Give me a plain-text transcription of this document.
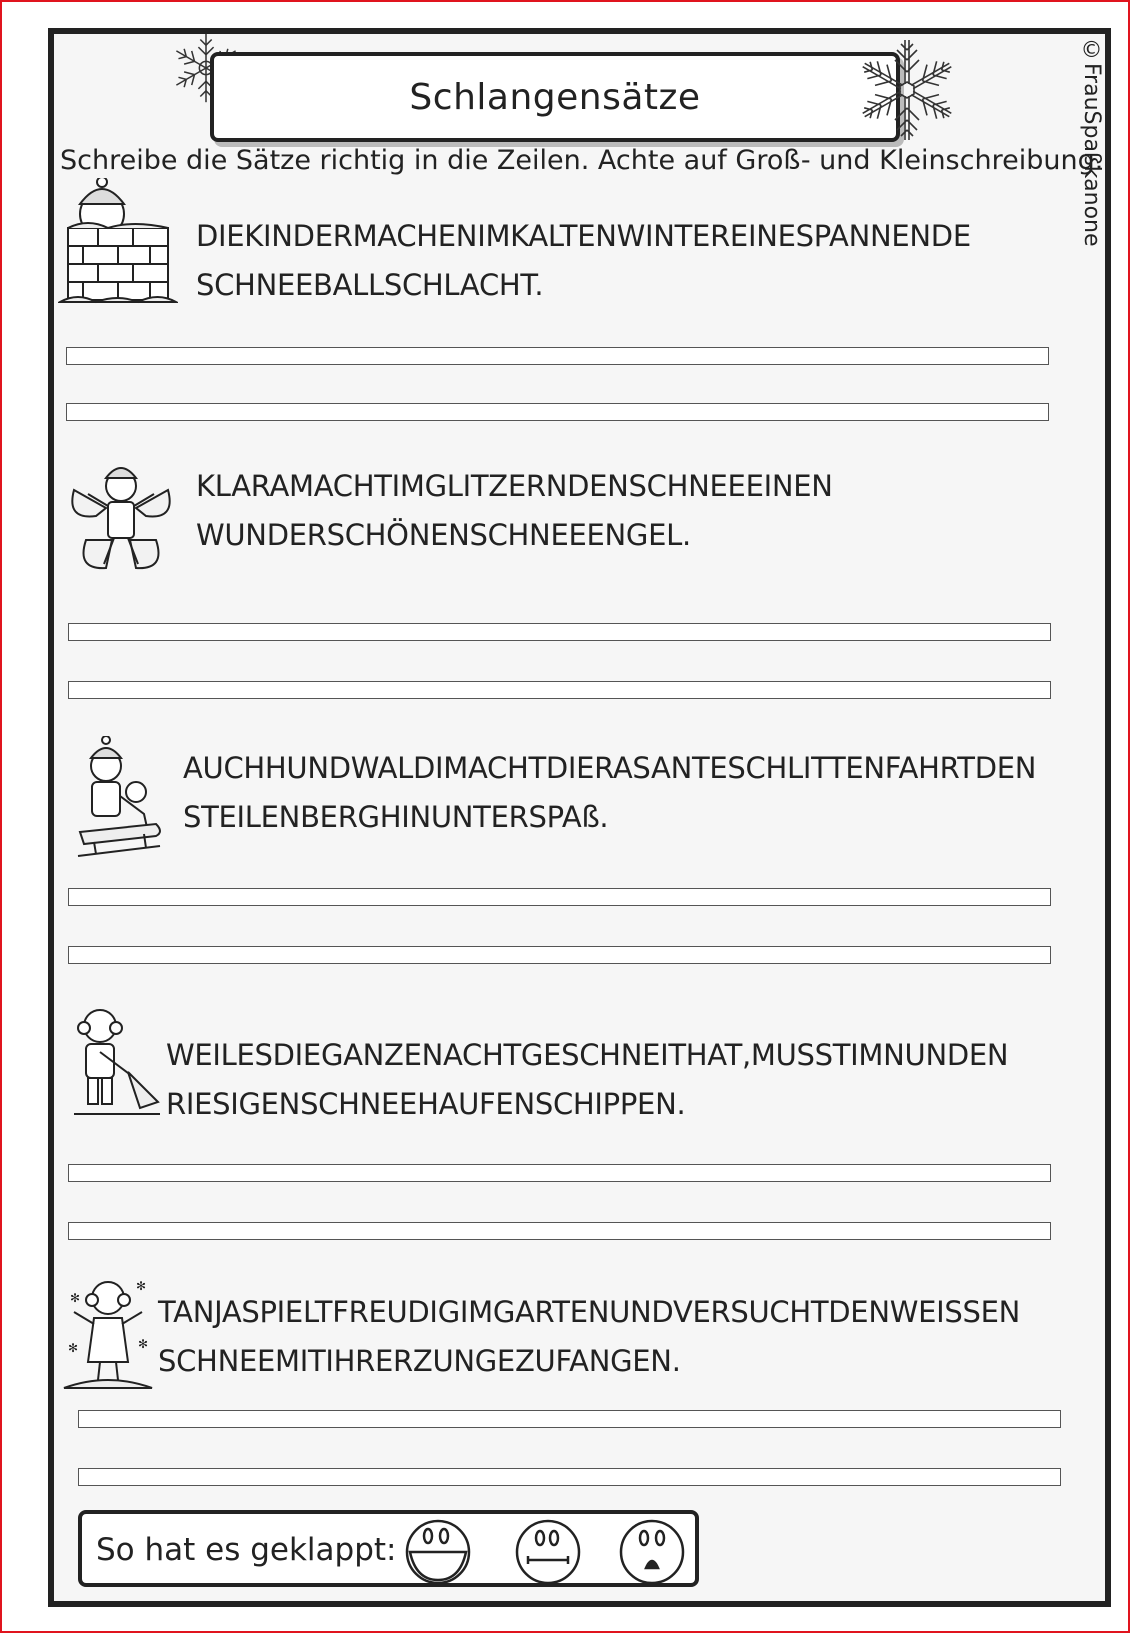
Schlangensätze	©FrauSpaßkanone
Schreibe die Sätze richtig in die Zeilen. Achte auf Groß- und Kleinschreibung.
DIEKINDERMACHENIMKALTENWINTEREINESPANNENDE
SCHNEEBALLSCHLACHT.
KLARAMACHTIMGLITZERNDENSCHNEEEINEN
WUNDERSCHÖNENSCHNEEENGEL.
AUCHHUNDWALDIMACHTDIERASANTESCHLITTENFAHRTDEN
STEILENBERGHINUNTERSPAß.
WEILESDIEGANZENACHTGESCHNEITHAT,MUSSTIMNUNDEN
RIESIGENSCHNEEHAUFENSCHIPPEN.
✻
✻
✻	✻
TANJASPIELTFREUDIGIMGARTENUNDVERSUCHTDENWEISSEN
SCHNEEMITIHRERZUNGEZUFANGEN.
So hat es geklappt:
